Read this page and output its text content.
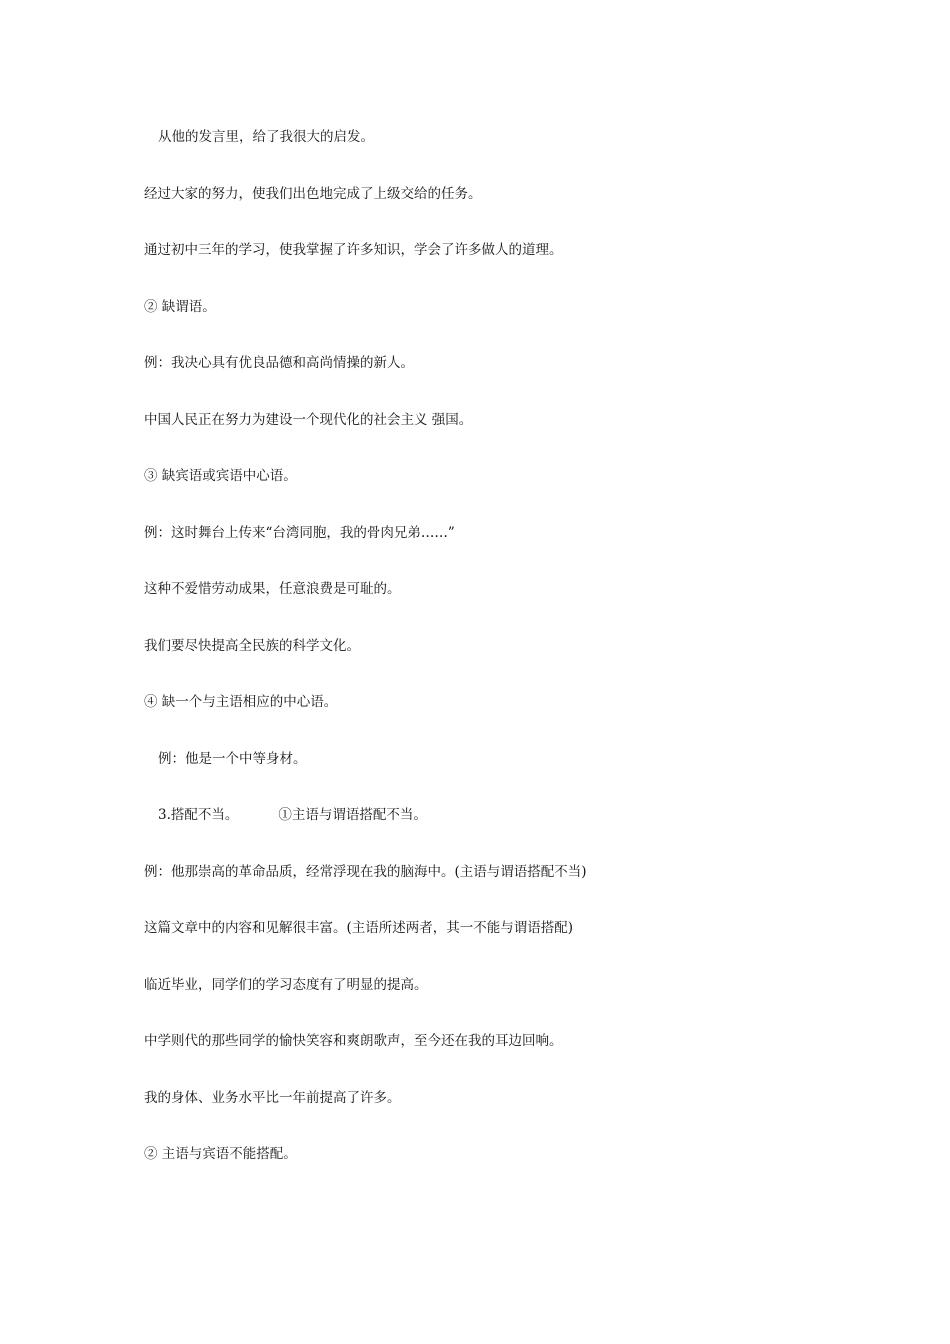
从他的发言里，给了我很大的启发。
经过大家的努力，使我们出色地完成了上级交给的任务。
通过初中三年的学习，使我掌握了许多知识，学会了许多做人的道理。
② 缺谓语。
例：我决心具有优良品德和高尚情操的新人。
中国人民正在努力为建设一个现代化的社会主义 强国。
③ 缺宾语或宾语中心语。
例：这时舞台上传来“台湾同胞，我的骨肉兄弟……”
这种不爱惜劳动成果，任意浪费是可耻的。
我们要尽快提高全民族的科学文化。
④ 缺一个与主语相应的中心语。
例：他是一个中等身材。
3.搭配不当。	①主语与谓语搭配不当。
例：他那崇高的革命品质，经常浮现在我的脑海中。(主语与谓语搭配不当)
这篇文章中的内容和见解很丰富。(主语所述两者，其一不能与谓语搭配)
临近毕业，同学们的学习态度有了明显的提高。
中学则代的那些同学的愉快笑容和爽朗歌声，至今还在我的耳边回响。
我的身体、业务水平比一年前提高了许多。
② 主语与宾语不能搭配。
